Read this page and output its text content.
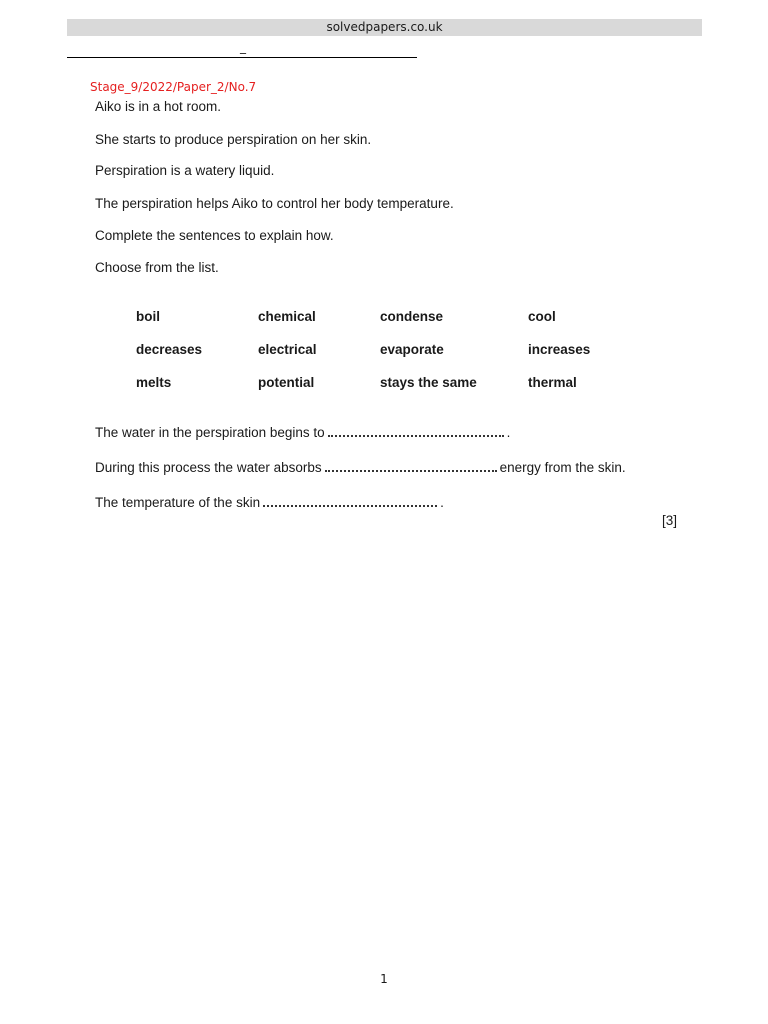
solvedpapers.co.uk
_
Stage_9/2022/Paper_2/No.7
Aiko is in a hot room.
She starts to produce perspiration on her skin.
Perspiration is a watery liquid.
The perspiration helps Aiko to control her body temperature.
Complete the sentences to explain how.
Choose from the list.
boil	chemical	condense	cool
decreases	electrical	evaporate	increases
melts	potential	stays the same	thermal
The water in the perspiration begins to	.
During this process the water absorbs	energy from the skin.
The temperature of the skin	.
[3]
1
